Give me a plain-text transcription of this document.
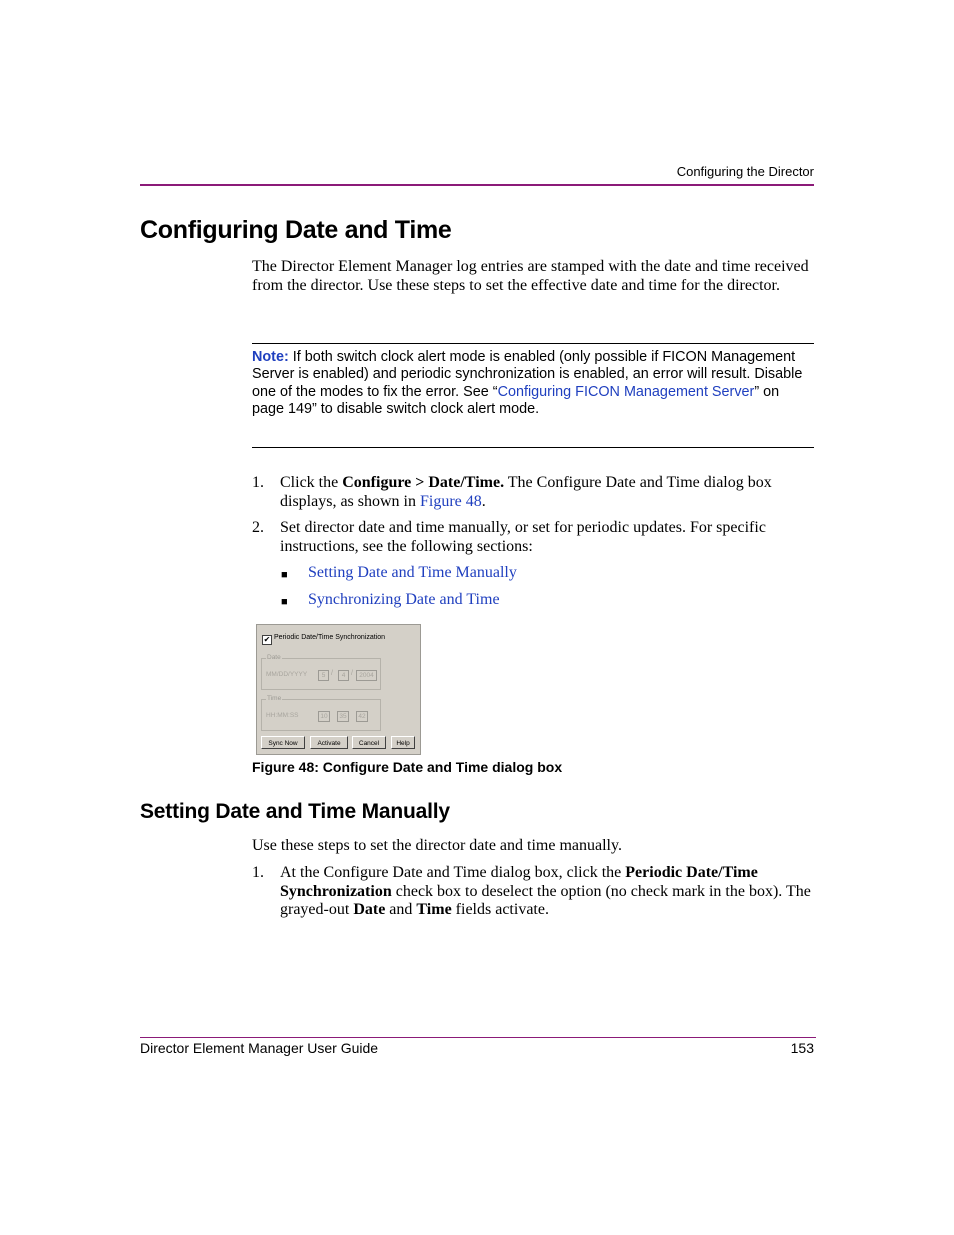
Configuring the Director
Configuring Date and Time
The Director Element Manager log entries are stamped with the date and time received from the director. Use these steps to set the effective date and time for the director.
Note: If both switch clock alert mode is enabled (only possible if FICON Management Server is enabled) and periodic synchronization is enabled, an error will result. Disable one of the modes to fix the error. See “Configuring FICON Management Server” on page 149” to disable switch clock alert mode.
1. Click the Configure > Date/Time. The Configure Date and Time dialog box displays, as shown in Figure 48.
2. Set director date and time manually, or set for periodic updates. For specific instructions, see the following sections:
■ Setting Date and Time Manually
■ Synchronizing Date and Time
✔ Periodic Date/Time Synchronization
Date
MM/DD/YYYY	5 /	4 / 2004
Time
HH:MM:SS	10	35	42
Sync Now	Activate	Cancel	Help
Figure 48: Configure Date and Time dialog box
Setting Date and Time Manually
Use these steps to set the director date and time manually.
1. At the Configure Date and Time dialog box, click the Periodic Date/Time Synchronization check box to deselect the option (no check mark in the box). The grayed-out Date and Time fields activate.
Director Element Manager User Guide	153
